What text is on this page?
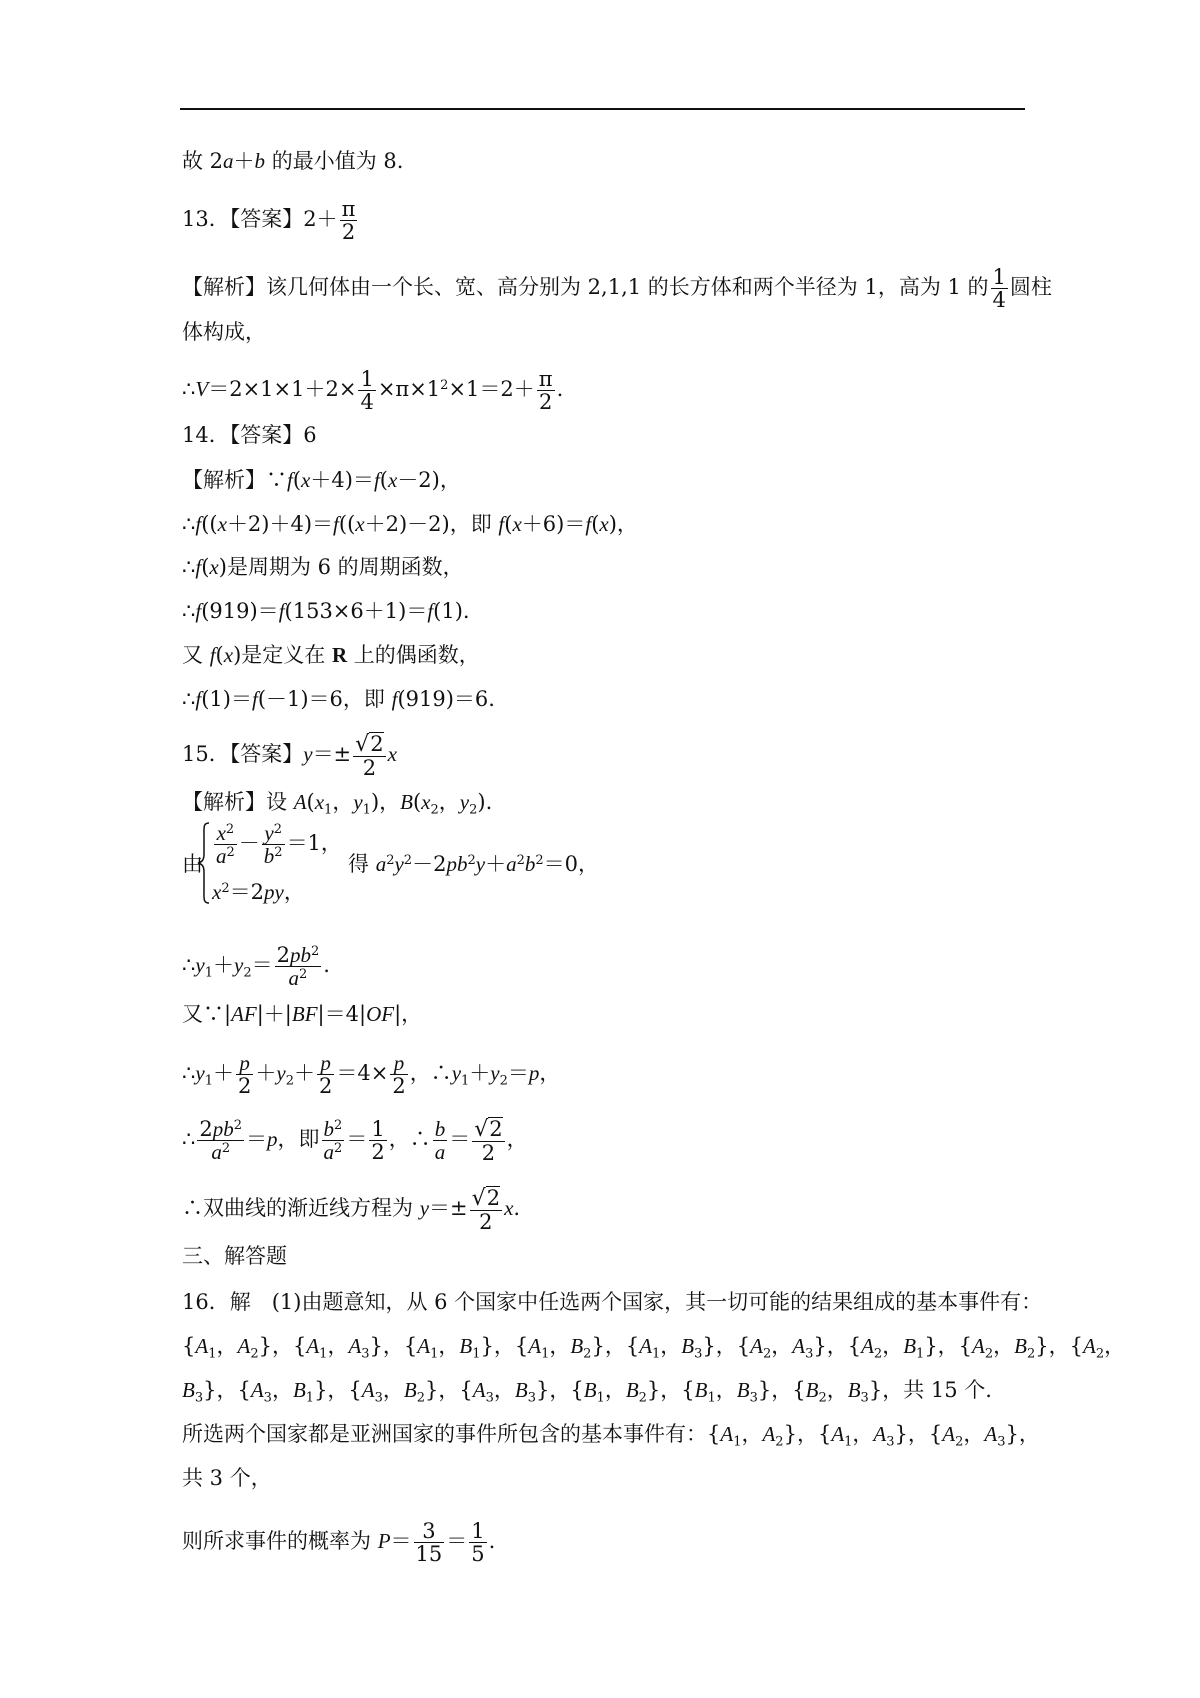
故 2a＋b 的最小值为 8.
13．【答案】$2+ \frac{\pi}{2}$
【解析】该几何体由一个长、宽、高分别为 2,1,1 的长方体和两个半径为 1，高为 1 的 $\frac{1}{4}$ 圆柱
体构成，
∴V＝2×1×1＋2× $\frac{1}{4} \times\pi\times 1^2\times 1=2+ \frac{\pi}{2}$ .
14．【答案】6
【解析】∵f(x＋4)＝f(x－2)，
∴f((x＋2)＋4)＝f((x＋2)－2)，即 f(x＋6)＝f(x)，
∴f(x)是周期为 6 的周期函数，
∴f(919)＝f(153×6＋1)＝f(1).
又 f(x)是定义在 R 上的偶函数，
∴f(1)＝f(－1)＝6，即 f(919)＝6.
15．【答案】$y=\pm \frac{√2}{2}$ x
【解析】设 $A(x_1$，$y_1$)，$B(x_2$，$y_2$).
由 $\frac{x^2}{a^2} - \frac{y^2}{b^2} =1$，
$x^2=2py$，
得 $a^2y^2-2pb^2y+a^2b^2=0$，
$\therefore y_1+y_2= \frac{2pb^2}{a^2}$ .
又∵|AF|＋|BF|＝4|OF|，
$\therefore y_1+ \frac{p}{2} +y_2+ \frac{p}{2} =4\times \frac{p}{2}$ ，$\therefore y_1+y_2=p$，
∴ $\frac{2pb^2}{a^2} =p$，即 $\frac{b^2}{a^2} = \frac{1}{2}$ ，∴ $\frac{b}{a} = \frac{√2}{2}$ ，
∴双曲线的渐近线方程为 $y=\pm \frac{√2}{2} x$.
三、解答题
16．解　(1)由题意知，从 6 个国家中任选两个国家，其一切可能的结果组成的基本事件有：
{$A_1$，$A_2$}，{$A_1$，$A_3$}，{$A_1$，$B_1$}，{$A_1$，$B_2$}，{$A_1$，$B_3$}，{$A_2$，$A_3$}，{$A_2$，$B_1$}，{$A_2$，$B_2$}，{$A_2$，
$B_3$}，{$A_3$，$B_1$}，{$A_3$，$B_2$}，{$A_3$，$B_3$}，{$B_1$，$B_2$}，{$B_1$，$B_3$}，{$B_2$，$B_3$}，共 15 个.
所选两个国家都是亚洲国家的事件所包含的基本事件有：{$A_1$，$A_2$}，{$A_1$，$A_3$}，{$A_2$，$A_3$}，
共 3 个，
则所求事件的概率为 $P= \frac{3}{15} = \frac{1}{5}$ .
